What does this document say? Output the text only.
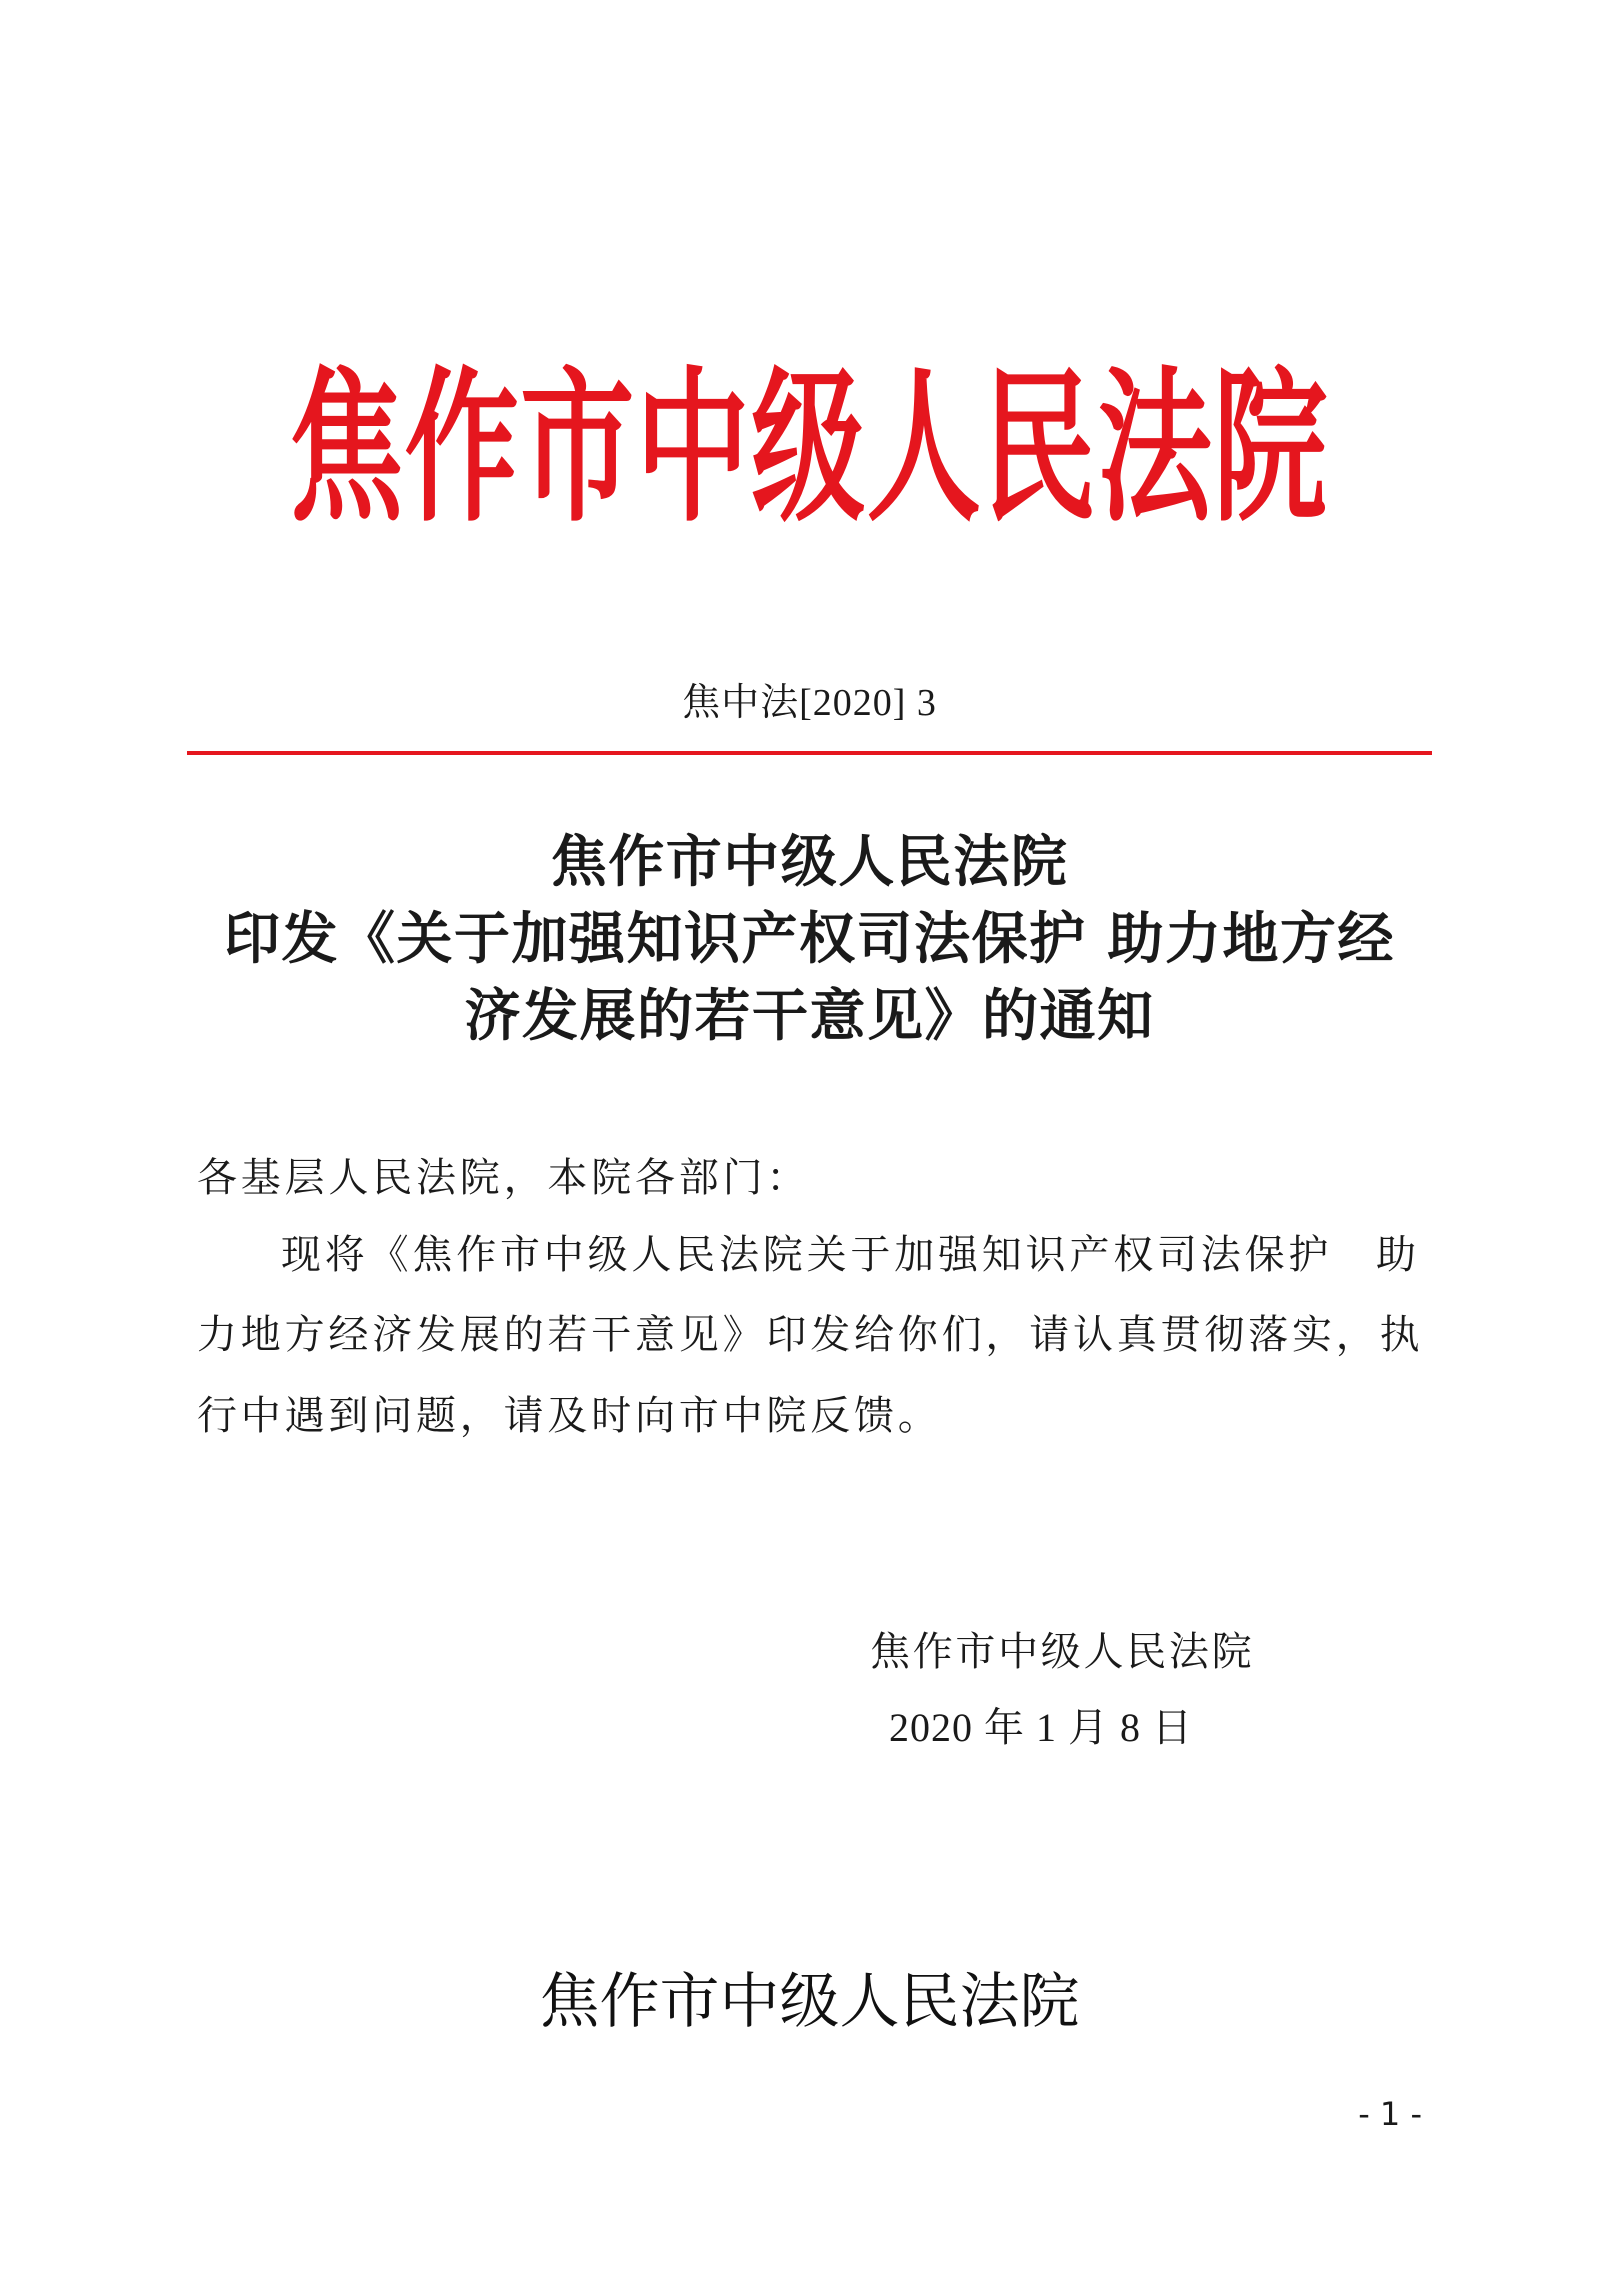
焦作市中级人民法院
焦中法[2020] 3
焦作市中级人民法院
印发《关于加强知识产权司法保护 助力地方经
济发展的若干意见》的通知
各基层人民法院，本院各部门：
现将《焦作市中级人民法院关于加强知识产权司法保护　助
力地方经济发展的若干意见》印发给你们，请认真贯彻落实，执
行中遇到问题，请及时向市中院反馈。
焦作市中级人民法院
2020 年 1 月 8 日
焦作市中级人民法院
- 1 -
